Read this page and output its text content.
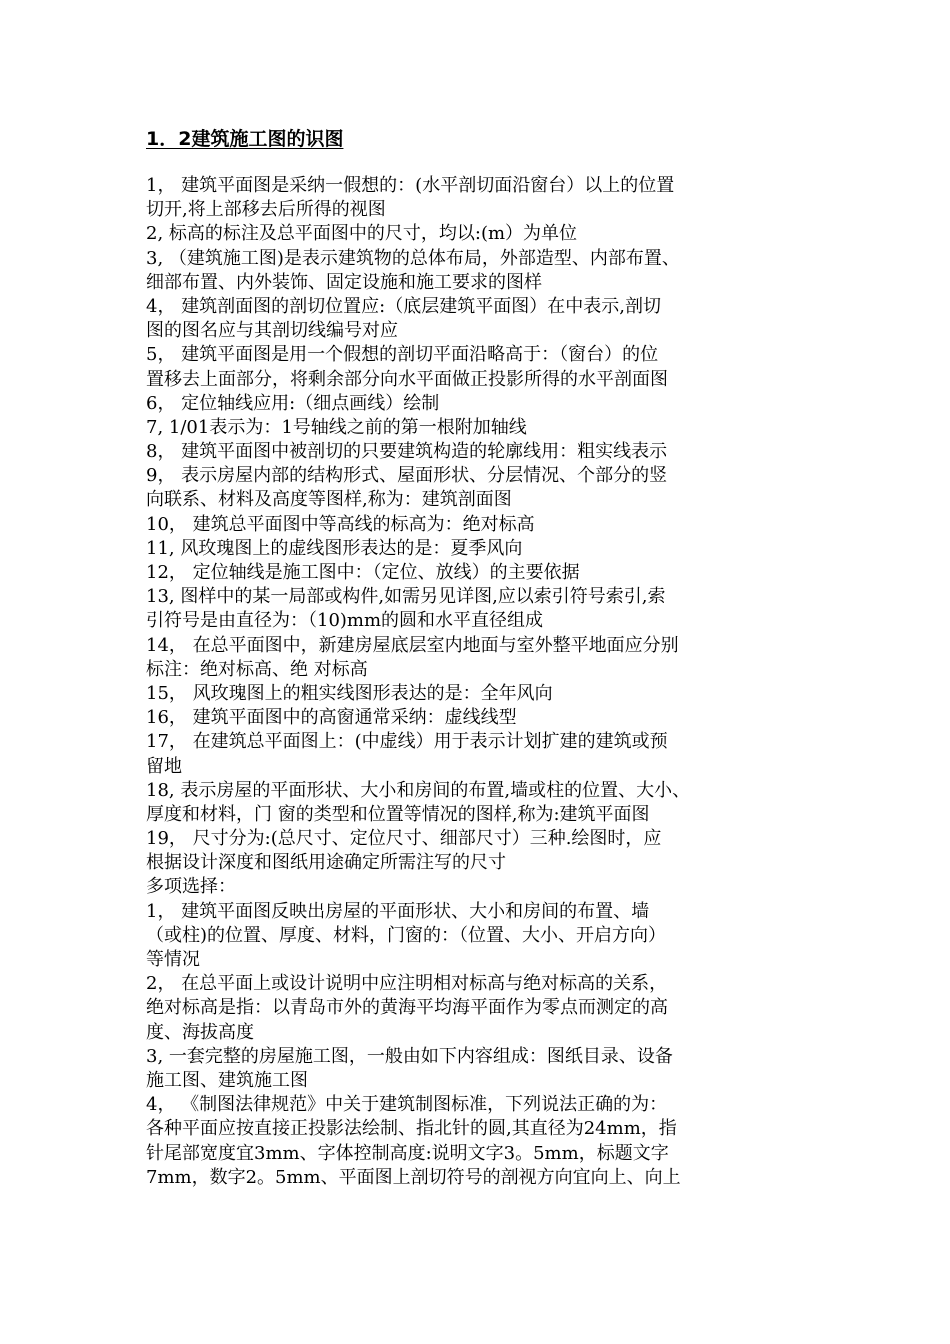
1．2建筑施工图的识图
1， 建筑平面图是采纳一假想的：(水平剖切面沿窗台）以上的位置
切开,将上部移去后所得的视图
2, 标高的标注及总平面图中的尺寸，均以:(m）为单位
3, （建筑施工图)是表示建筑物的总体布局，外部造型、内部布置、
细部布置、内外装饰、固定设施和施工要求的图样
4， 建筑剖面图的剖切位置应:（底层建筑平面图）在中表示,剖切
图的图名应与其剖切线编号对应
5， 建筑平面图是用一个假想的剖切平面沿略高于：（窗台）的位
置移去上面部分，将剩余部分向水平面做正投影所得的水平剖面图
6， 定位轴线应用:（细点画线）绘制
7, 1/01表示为：1号轴线之前的第一根附加轴线
8， 建筑平面图中被剖切的只要建筑构造的轮廓线用：粗实线表示
9， 表示房屋内部的结构形式、屋面形状、分层情况、个部分的竖
向联系、材料及高度等图样,称为：建筑剖面图
10， 建筑总平面图中等高线的标高为：绝对标高
11, 风玫瑰图上的虚线图形表达的是：夏季风向
12， 定位轴线是施工图中：（定位、放线）的主要依据
13, 图样中的某一局部或构件,如需另见详图,应以索引符号索引,索
引符号是由直径为：（10)mm的圆和水平直径组成
14， 在总平面图中，新建房屋底层室内地面与室外整平地面应分别
标注：绝对标高、绝 对标高
15， 风玫瑰图上的粗实线图形表达的是：全年风向
16， 建筑平面图中的高窗通常采纳：虚线线型
17， 在建筑总平面图上：(中虚线）用于表示计划扩建的建筑或预
留地
18, 表示房屋的平面形状、大小和房间的布置,墙或柱的位置、大小、
厚度和材料，门 窗的类型和位置等情况的图样,称为:建筑平面图
19， 尺寸分为:(总尺寸、定位尺寸、细部尺寸）三种.绘图时，应
根据设计深度和图纸用途确定所需注写的尺寸
多项选择：
1， 建筑平面图反映出房屋的平面形状、大小和房间的布置、墙
（或柱)的位置、厚度、材料，门窗的：（位置、大小、开启方向）
等情况
2， 在总平面上或设计说明中应注明相对标高与绝对标高的关系，
绝对标高是指：以青岛市外的黄海平均海平面作为零点而测定的高
度、海拔高度
3, 一套完整的房屋施工图，一般由如下内容组成：图纸目录、设备
施工图、建筑施工图
4， 《制图法律规范》中关于建筑制图标准，下列说法正确的为：
各种平面应按直接正投影法绘制、指北针的圆,其直径为24mm，指
针尾部宽度宜3mm、字体控制高度:说明文字3。5mm，标题文字
7mm，数字2。5mm、平面图上剖切符号的剖视方向宜向上、向上
